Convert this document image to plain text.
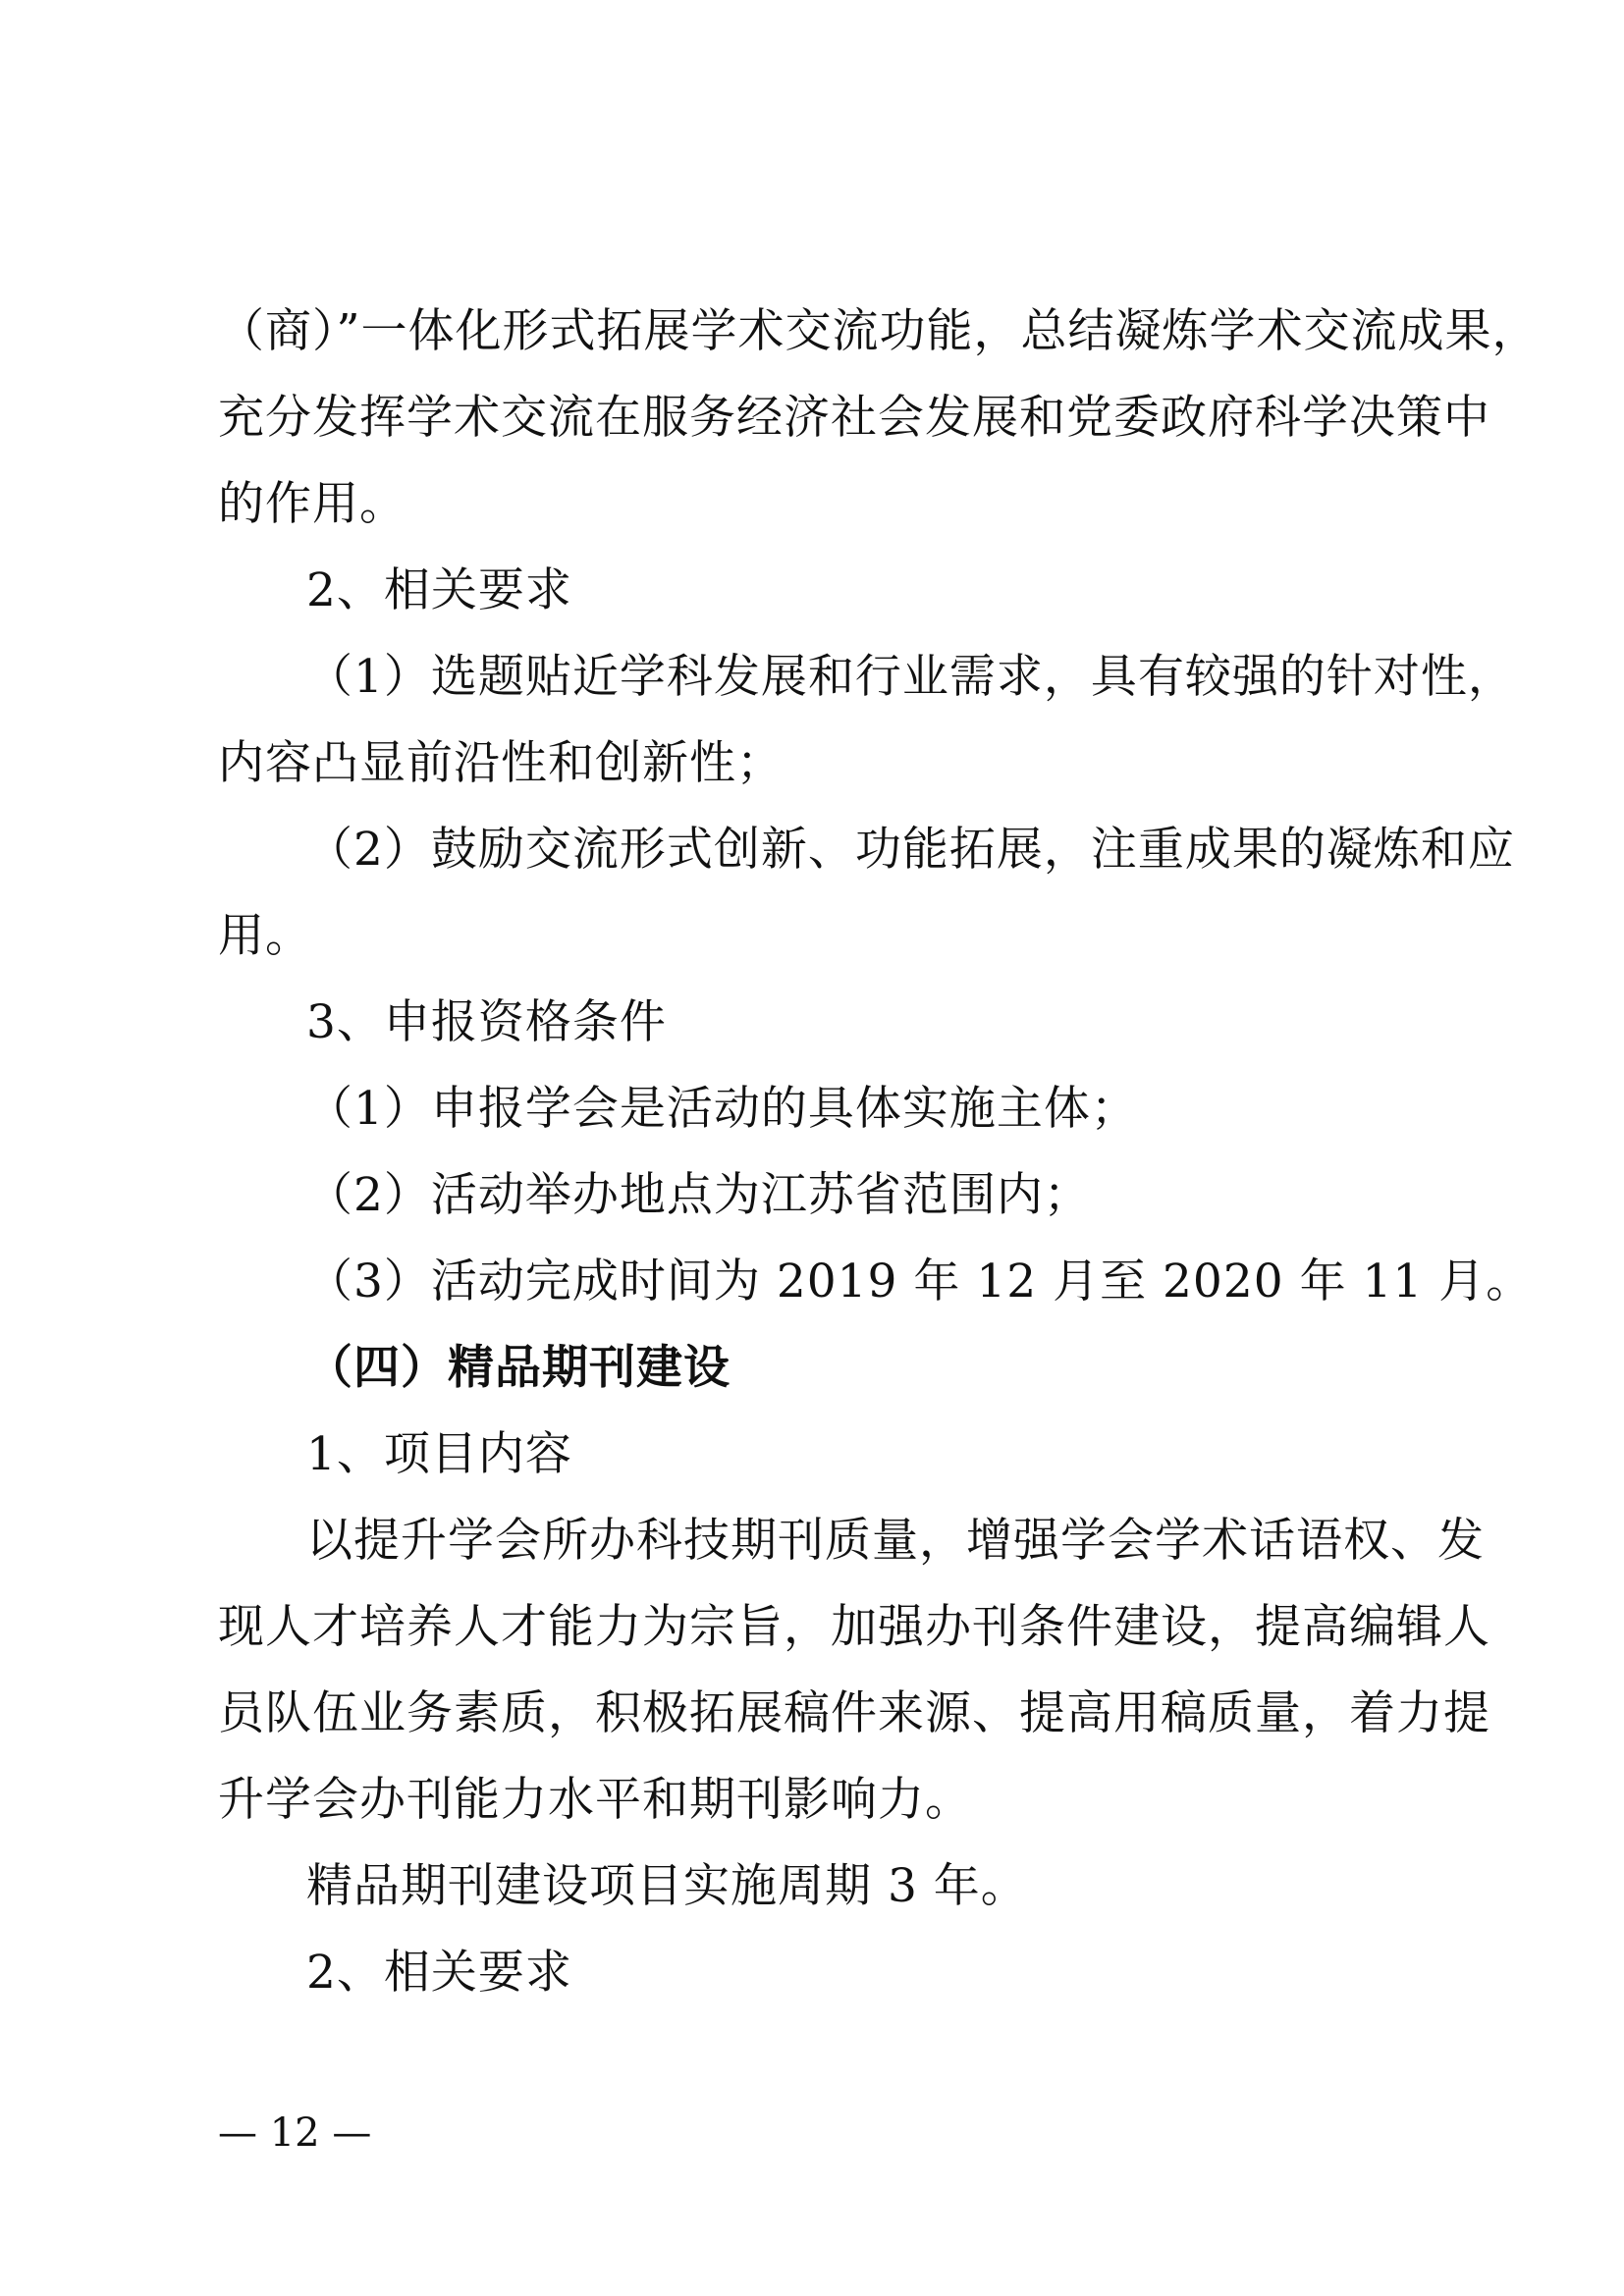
（商）”一体化形式拓展学术交流功能，总结凝炼学术交流成果，
充分发挥学术交流在服务经济社会发展和党委政府科学决策中
的作用。
2、相关要求
（1）选题贴近学科发展和行业需求，具有较强的针对性，
内容凸显前沿性和创新性；
（2）鼓励交流形式创新、功能拓展，注重成果的凝炼和应
用。
3、申报资格条件
（1）申报学会是活动的具体实施主体；
（2）活动举办地点为江苏省范围内；
（3）活动完成时间为 2019 年 12 月至 2020 年 11 月。
（四）精品期刊建设
1、项目内容
以提升学会所办科技期刊质量，增强学会学术话语权、发
现人才培养人才能力为宗旨，加强办刊条件建设，提高编辑人
员队伍业务素质，积极拓展稿件来源、提高用稿质量，着力提
升学会办刊能力水平和期刊影响力。
精品期刊建设项目实施周期 3 年。
2、相关要求
— 12 —
